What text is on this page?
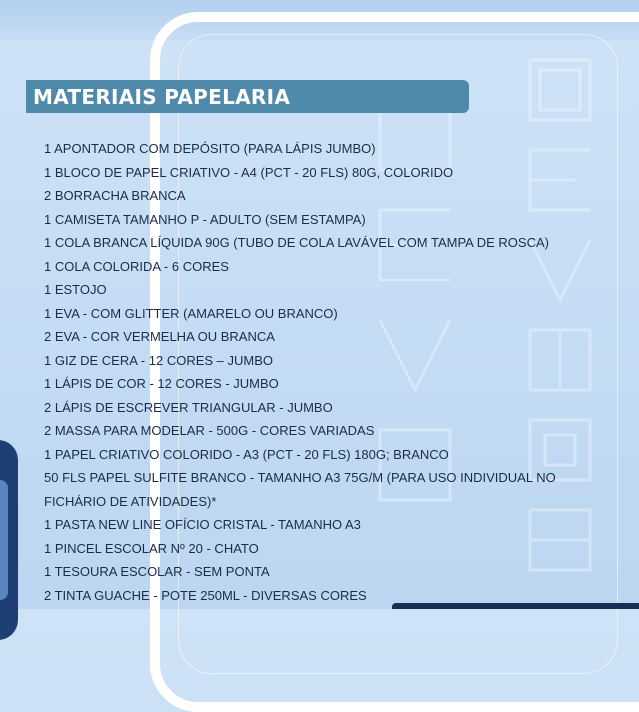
MATERIAIS PAPELARIA
1 APONTADOR COM DEPÓSITO (PARA LÁPIS JUMBO)
1 BLOCO DE PAPEL CRIATIVO - A4 (PCT - 20 FLS) 80G, COLORIDO
2 BORRACHA BRANCA
1 CAMISETA TAMANHO P - ADULTO (SEM ESTAMPA)
1 COLA BRANCA LÍQUIDA 90G (TUBO DE COLA LAVÁVEL COM TAMPA DE ROSCA)
1 COLA COLORIDA - 6 CORES
1 ESTOJO
1 EVA - COM GLITTER (AMARELO OU BRANCO)
2 EVA - COR VERMELHA OU BRANCA
1 GIZ DE CERA - 12 CORES – JUMBO
1 LÁPIS DE COR - 12 CORES - JUMBO
2 LÁPIS DE ESCREVER TRIANGULAR - JUMBO
2 MASSA PARA MODELAR - 500G - CORES VARIADAS
1 PAPEL CRIATIVO COLORIDO - A3 (PCT - 20 FLS) 180G; BRANCO
50 FLS PAPEL SULFITE BRANCO - TAMANHO A3 75G/M (PARA USO INDIVIDUAL NO FICHÁRIO DE ATIVIDADES)*
1 PASTA NEW LINE OFÍCIO CRISTAL - TAMANHO A3
1 PINCEL ESCOLAR Nº 20 - CHATO
1 TESOURA ESCOLAR - SEM PONTA
2 TINTA GUACHE - POTE 250ML - DIVERSAS CORES
